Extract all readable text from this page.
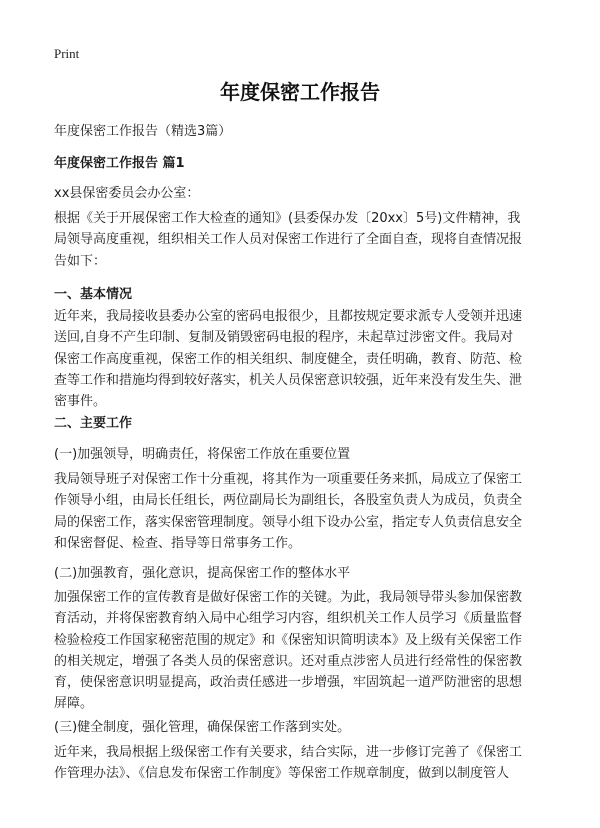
Print
年度保密工作报告
年度保密工作报告（精选3篇）
年度保密工作报告 篇1
xx县保密委员会办公室：
根据《关于开展保密工作大检查的通知》(县委保办发〔20xx〕5号)文件精神，我
局领导高度重视，组织相关工作人员对保密工作进行了全面自查，现将自查情况报
告如下：
一、基本情况
近年来，我局接收县委办公室的密码电报很少，且都按规定要求派专人受领并迅速
送回,自身不产生印制、复制及销毁密码电报的程序，未起草过涉密文件。我局对
保密工作高度重视，保密工作的相关组织、制度健全，责任明确，教育、防范、检
查等工作和措施均得到较好落实，机关人员保密意识较强，近年来没有发生失、泄
密事件。
二、主要工作
(一)加强领导，明确责任，将保密工作放在重要位置
我局领导班子对保密工作十分重视，将其作为一项重要任务来抓，局成立了保密工
作领导小组，由局长任组长，两位副局长为副组长，各股室负责人为成员，负责全
局的保密工作，落实保密管理制度。领导小组下设办公室，指定专人负责信息安全
和保密督促、检查、指导等日常事务工作。
(二)加强教育，强化意识，提高保密工作的整体水平
加强保密工作的宣传教育是做好保密工作的关键。为此，我局领导带头参加保密教
育活动，并将保密教育纳入局中心组学习内容，组织机关工作人员学习《质量监督
检验检疫工作国家秘密范围的规定》和《保密知识简明读本》及上级有关保密工作
的相关规定，增强了各类人员的保密意识。还对重点涉密人员进行经常性的保密教
育，使保密意识明显提高，政治责任感进一步增强，牢固筑起一道严防泄密的思想
屏障。
(三)健全制度，强化管理，确保保密工作落到实处。
近年来，我局根据上级保密工作有关要求，结合实际，进一步修订完善了《保密工
作管理办法》、《信息发布保密工作制度》等保密工作规章制度，做到以制度管人
